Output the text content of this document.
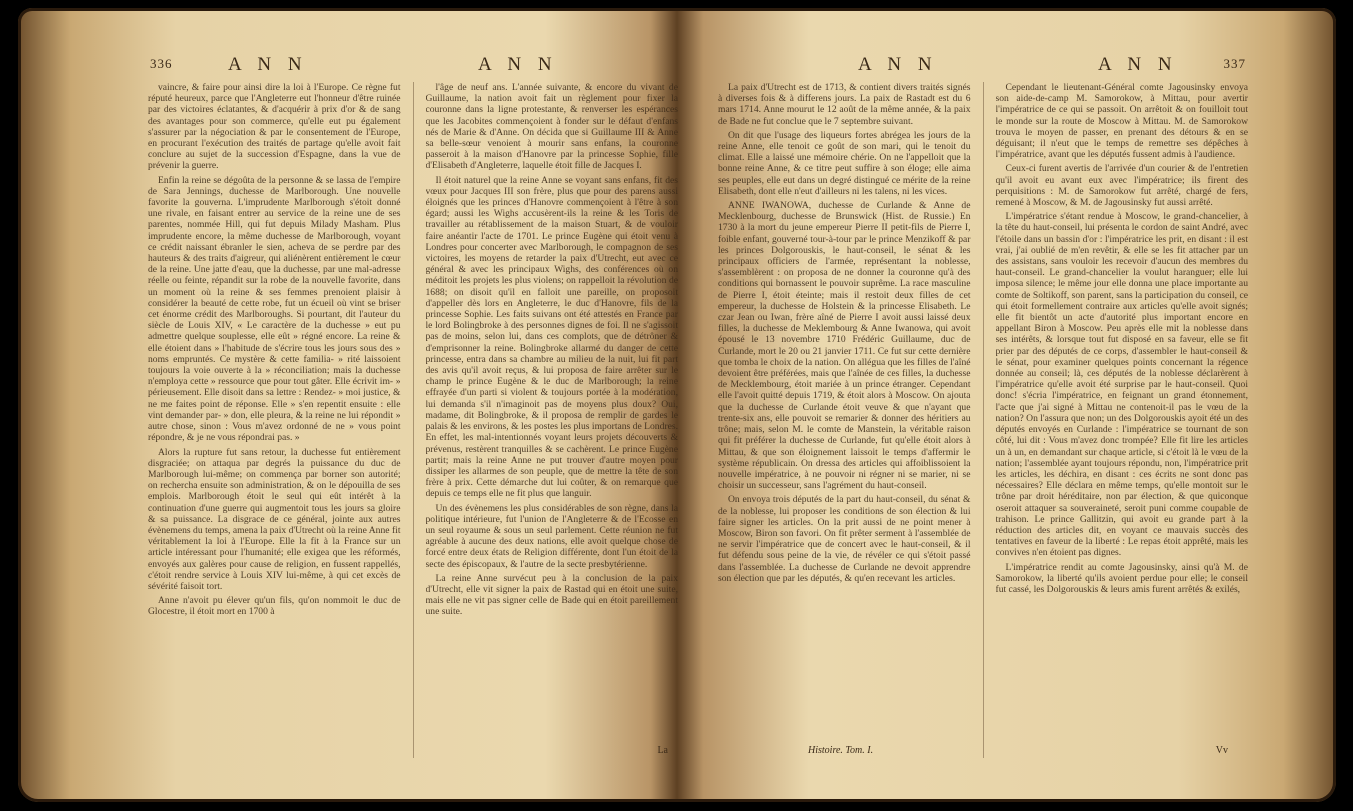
336	A N N	A N N

vaincre, & faire pour ainsi dire la loi à l'Europe. Ce règne fut réputé heureux, parce que l'Angleterre eut l'honneur d'être ruinée par des victoires éclatantes, & d'acquérir à prix d'or & de sang des avantages pour son commerce, qu'elle eut pu également s'assurer par la négociation & par le consentement de l'Europe, en procurant l'exécution des traités de partage qu'elle avoit fait conclure au sujet de la succession d'Espagne, dans la vue de prévenir la guerre.

Enfin la reine se dégoûta de la personne & se lassa de l'empire de Sara Jennings, duchesse de Marlborough. Une nouvelle favorite la gouverna. L'imprudente Marlborough s'étoit donné une rivale, en faisant entrer au service de la reine une de ses parentes, nommée Hill, qui fut depuis Milady Masham. Plus imprudente encore, la même duchesse de Marlborough, voyant ce crédit naissant ébranler le sien, acheva de se perdre par des hauteurs & des traits d'aigreur, qui aliénèrent entièrement le cœur de la reine. Une jatte d'eau, que la duchesse, par une mal-adresse réelle ou feinte, répandit sur la robe de la nouvelle favorite, dans un moment où la reine & ses femmes prenoient plaisir à considérer la beauté de cette robe, fut un écueil où vint se briser cet énorme crédit des Marlboroughs. Si pourtant, dit l'auteur du siècle de Louis XIV, « Le caractère de la duchesse » eut pu admettre quelque souplesse, elle eût » régné encore. La reine & elle étoient dans » l'habitude de s'écrire tous les jours sous des » noms empruntés. Ce mystère & cette familia- » rité laissoient toujours la voie ouverte à la » réconciliation; mais la duchesse n'employa cette » ressource que pour tout gâter. Elle écrivit im- » périeusement. Elle disoit dans sa lettre : Rendez- » moi justice, & ne me faites point de réponse. Elle » s'en repentit ensuite : elle vint demander par- » don, elle pleura, & la reine ne lui répondit » autre chose, sinon : Vous m'avez ordonné de ne » vous point répondre, & je ne vous répondrai pas. »

Alors la rupture fut sans retour, la duchesse fut entièrement disgraciée; on attaqua par degrés la puissance du duc de Marlborough lui-même; on commença par borner son autorité; on rechercha ensuite son administration, & on le dépouilla de ses emplois. Marlborough étoit le seul qui eût intérêt à la continuation d'une guerre qui augmentoit tous les jours sa gloire & sa puissance. La disgrace de ce général, jointe aux autres évènemens du temps, amena la paix d'Utrecht où la reine Anne fit véritablement la loi à l'Europe. Elle la fit à la France sur un article intéressant pour l'humanité; elle exigea que les réformés, envoyés aux galères pour cause de religion, en fussent rappellés, c'étoit rendre service à Louis XIV lui-même, à qui cet excès de sévérité faisoit tort.

Anne n'avoit pu élever qu'un fils, qu'on nommoit le duc de Glocestre, il étoit mort en 1700 à

l'âge de neuf ans. L'année suivante, & encore du vivant de Guillaume, la nation avoit fait un règlement pour fixer la couronne dans la ligne protestante, & renverser les espérances que les Jacobites commençoient à fonder sur le défaut d'enfans nés de Marie & d'Anne. On décida que si Guillaume III & Anne sa belle-sœur venoient à mourir sans enfans, la couronne passeroit à la maison d'Hanovre par la princesse Sophie, fille d'Elisabeth d'Angleterre, laquelle étoit fille de Jacques I.

Il étoit naturel que la reine Anne se voyant sans enfans, fit des vœux pour Jacques III son frère, plus que pour des parens aussi éloignés que les princes d'Hanovre commençoient à l'être à son égard; aussi les Wighs accusèrent-ils la reine & les Toris de travailler au rétablissement de la maison Stuart, & de vouloir faire anéantir l'acte de 1701. Le prince Eugène qui étoit venu à Londres pour concerter avec Marlborough, le compagnon de ses victoires, les moyens de retarder la paix d'Utrecht, eut avec ce général & avec les principaux Wighs, des conférences où on méditoit les projets les plus violens; on rappelloit la révolution de 1688; on disoit qu'il en falloit une pareille, on proposoit d'appeller dès lors en Angleterre, le duc d'Hanovre, fils de la princesse Sophie. Les faits suivans ont été attestés en France par le lord Bolingbroke à des personnes dignes de foi. Il ne s'agissoit pas de moins, selon lui, dans ces complots, que de détrôner & d'emprisonner la reine. Bolingbroke allarmé du danger de cette princesse, entra dans sa chambre au milieu de la nuit, lui fit part des avis qu'il avoit reçus, & lui proposa de faire arrêter sur le champ le prince Eugène & le duc de Marlborough; la reine effrayée d'un parti si violent & toujours portée à la modération, lui demanda s'il n'imaginoit pas de moyens plus doux? Oui, madame, dit Bolingbroke, & il proposa de remplir de gardes le palais & les environs, & les postes les plus importans de Londres. En effet, les mal-intentionnés voyant leurs projets découverts & prévenus, restèrent tranquilles & se cachèrent. Le prince Eugène partit; mais la reine Anne ne put trouver d'autre moyen pour dissiper les allarmes de son peuple, que de mettre la tête de son frère à prix. Cette démarche dut lui coûter, & on remarque que depuis ce temps elle ne fit plus que languir.

Un des évènemens les plus considérables de son règne, dans la politique intérieure, fut l'union de l'Angleterre & de l'Ecosse en un seul royaume & sous un seul parlement. Cette réunion ne fut agréable à aucune des deux nations, elle avoit quelque chose de forcé entre deux états de Religion différente, dont l'un étoit de la secte des épiscopaux, & l'autre de la secte presbytérienne.

La reine Anne survécut peu à la conclusion de la paix d'Utrecht, elle vit signer la paix de Rastad qui en étoit une suite, mais elle ne vit pas signer celle de Bade qui en étoit pareillement une suite.

La
A N N	A N N	337

La paix d'Utrecht est de 1713, & contient divers traités signés à diverses fois & à differens jours. La paix de Rastadt est du 6 mars 1714. Anne mourut le 12 août de la même année, & la paix de Bade ne fut conclue que le 7 septembre suivant.

On dit que l'usage des liqueurs fortes abrégea les jours de la reine Anne, elle tenoit ce goût de son mari, qui le tenoit du climat. Elle a laissé une mémoire chérie. On ne l'appelloit que la bonne reine Anne, & ce titre peut suffire à son éloge; elle aima ses peuples, elle eut dans un degré distingué ce mérite de la reine Elisabeth, dont elle n'eut d'ailleurs ni les talens, ni les vices.

ANNE IWANOWA, duchesse de Curlande & Anne de Mecklenbourg, duchesse de Brunswick (Hist. de Russie.) En 1730 à la mort du jeune empereur Pierre II petit-fils de Pierre I, foible enfant, gouverné tour-à-tour par le prince Menzikoff & par les princes Dolgorouskis, le haut-conseil, le sénat & les principaux officiers de l'armée, représentant la noblesse, s'assemblèrent : on proposa de ne donner la couronne qu'à des conditions qui bornassent le pouvoir suprême. La race masculine de Pierre I, étoit éteinte; mais il restoit deux filles de cet empereur, la duchesse de Holstein & la princesse Elisabeth. Le czar Jean ou Iwan, frère aîné de Pierre I avoit aussi laissé deux filles, la duchesse de Meklembourg & Anne Iwanowa, qui avoit épousé le 13 novembre 1710 Frédéric Guillaume, duc de Curlande, mort le 20 ou 21 janvier 1711. Ce fut sur cette dernière que tomba le choix de la nation. On allégua que les filles de l'aîné devoient être préférées, mais que l'aînée de ces filles, la duchesse de Mecklembourg, étoit mariée à un prince étranger. Cependant elle l'avoit quitté depuis 1719, & étoit alors à Moscow. On ajouta que la duchesse de Curlande étoit veuve & que n'ayant que trente-six ans, elle pouvoit se remarier & donner des héritiers au trône; mais, selon M. le comte de Manstein, la véritable raison qui fit préférer la duchesse de Curlande, fut qu'elle étoit alors à Mittau, & que son éloignement laissoit le temps d'affermir le système républicain. On dressa des articles qui affoiblissoient la nouvelle impératrice, à ne pouvoir ni régner ni se marier, ni se choisir un successeur, sans l'agrément du haut-conseil.

On envoya trois députés de la part du haut-conseil, du sénat & de la noblesse, lui proposer les conditions de son élection & lui faire signer les articles. On la prit aussi de ne point mener à Moscow, Biron son favori. On fit prêter serment à l'assemblée de ne servir l'impératrice que de concert avec le haut-conseil, & il fut défendu sous peine de la vie, de révéler ce qui s'étoit passé dans l'assemblée. La duchesse de Curlande ne devoit apprendre son élection que par les députés, & qu'en recevant les articles.

Cependant le lieutenant-Général comte Jagousinsky envoya son aide-de-camp M. Samorokow, à Mittau, pour avertir l'impératrice de ce qui se passoit. On arrêtoit & on fouilloit tout le monde sur la route de Moscow à Mittau. M. de Samorokow trouva le moyen de passer, en prenant des détours & en se déguisant; il n'eut que le temps de remettre ses dépêches à l'impératrice, avant que les députés fussent admis à l'audience.

Ceux-ci furent avertis de l'arrivée d'un courier & de l'entretien qu'il avoit eu avant eux avec l'impératrice; ils firent des perquisitions : M. de Samorokow fut arrêté, chargé de fers, remené à Moscow, & M. de Jagousinsky fut aussi arrêté.

L'impératrice s'étant rendue à Moscow, le grand-chancelier, à la tête du haut-conseil, lui présenta le cordon de saint André, avec l'étoile dans un bassin d'or : l'impératrice les prit, en disant : il est vrai, j'ai oublié de m'en revêtir, & elle se les fit attacher par un des assistans, sans vouloir les recevoir d'aucun des membres du haut-conseil. Le grand-chancelier la voulut haranguer; elle lui imposa silence; le même jour elle donna une place importante au comte de Soltikoff, son parent, sans la participation du conseil, ce qui étoit formellement contraire aux articles qu'elle avoit signés; elle fit bientôt un acte d'autorité plus important encore en appellant Biron à Moscow. Peu après elle mit la noblesse dans ses intérêts, & lorsque tout fut disposé en sa faveur, elle se fit prier par des députés de ce corps, d'assembler le haut-conseil & le sénat, pour examiner quelques points concernant la régence donnée au conseil; là, ces députés de la noblesse déclarèrent à l'impératrice qu'elle avoit été surprise par le haut-conseil. Quoi donc! s'écria l'impératrice, en feignant un grand étonnement, l'acte que j'ai signé à Mittau ne contenoit-il pas le vœu de la nation? On l'assura que non; un des Dolgorouskis ayoit été un des députés envoyés en Curlande : l'impératrice se tournant de son côté, lui dit : Vous m'avez donc trompée? Elle fit lire les articles un à un, en demandant sur chaque article, si c'étoit là le vœu de la nation; l'assemblée ayant toujours répondu, non, l'impératrice prit les articles, les déchira, en disant : ces écrits ne sont donc pas nécessaires? Elle déclara en même temps, qu'elle montoit sur le trône par droit héréditaire, non par élection, & que quiconque oseroit attaquer sa souveraineté, seroit puni comme coupable de trahison. Le prince Gallitzin, qui avoit eu grande part à la réduction des articles dit, en voyant ce mauvais succès des tentatives en faveur de la liberté : Le repas étoit apprêté, mais les convives n'en étoient pas dignes.

L'impératrice rendit au comte Jagousinsky, ainsi qu'à M. de Samorokow, la liberté qu'ils avoient perdue pour elle; le conseil fut cassé, les Dolgorouskis & leurs amis furent arrêtés & exilés,

Histoire. Tom. I.	Vv
